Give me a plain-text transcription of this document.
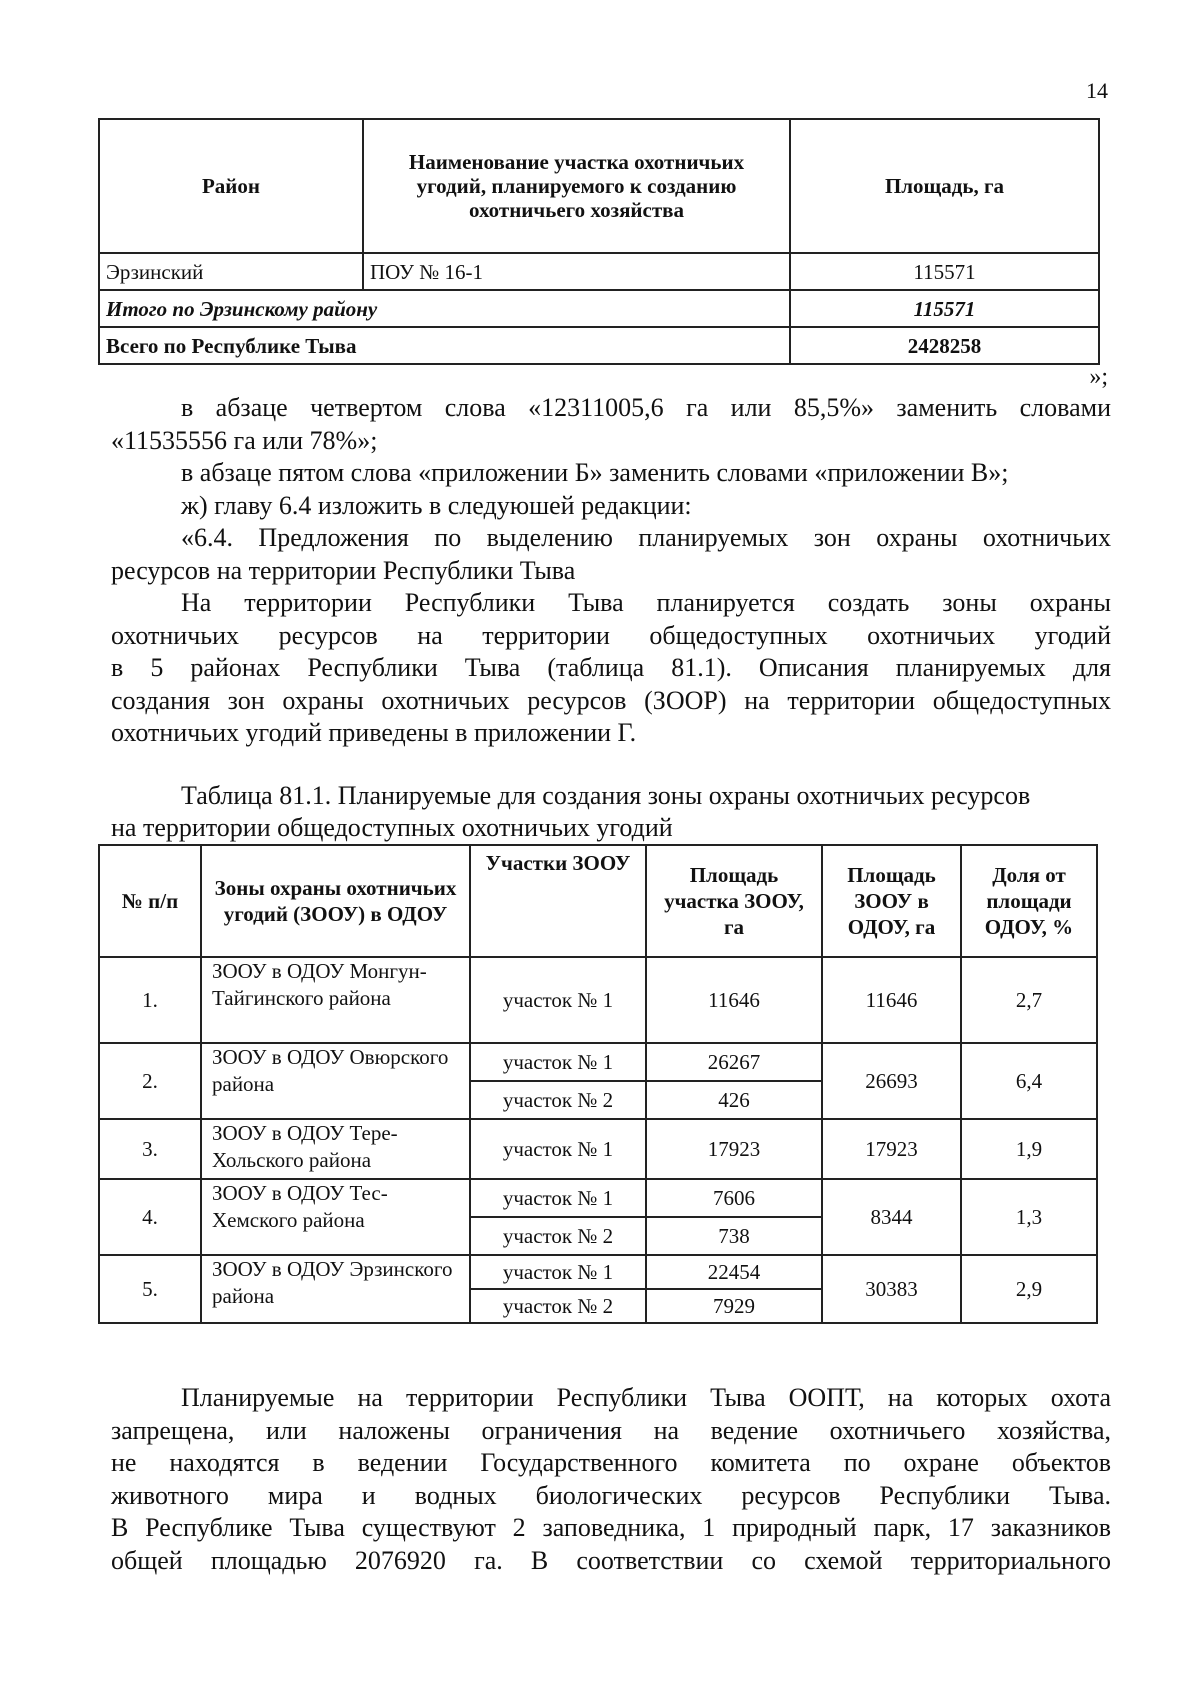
14
Район	Наименование участка охотничьих угодий, планируемого к созданию охотничьего хозяйства	Площадь, га
Эрзинский	ПОУ № 16-1	115571
Итого по Эрзинскому району		115571
Всего по Республике Тыва		2428258
»;

в абзаце четвертом слова «12311005,6 га или 85,5%» заменить словами

«11535556 га или 78%»;

в абзаце пятом слова «приложении Б» заменить словами «приложении В»;

ж) главу 6.4 изложить в следуюшей редакции:

«6.4. Предложения по выделению планируемых зон охраны охотничьих

ресурсов на территории Республики Тыва

На территории Республики Тыва планируется создать зоны охраны

охотничьих ресурсов на территории общедоступных охотничьих угодий

в 5 районах Республики Тыва (таблица 81.1). Описания планируемых для

создания зон охраны охотничьих ресурсов (ЗООР) на территории общедоступных

охотничьих угодий приведены в приложении Г.

Таблица 81.1. Планируемые для создания зоны охраны охотничьих ресурсов
на территории общедоступных охотничьих угодий
№ п/п	Зоны охраны охотничьих угодий (ЗООУ) в ОДОУ	Участки ЗООУ	Площадь участка ЗООУ, га	Площадь ЗООУ в ОДОУ, га	Доля от площади ОДОУ, %
1.	ЗООУ в ОДОУ Монгун-Тайгинского района	участок № 1	11646	11646	2,7
2.	ЗООУ в ОДОУ Овюрского района	участок № 1	26267	26693	6,4
		участок № 2	426		
3.	ЗООУ в ОДОУ Тере-Хольского района	участок № 1	17923	17923	1,9
4.	ЗООУ в ОДОУ Тес-Хемского района	участок № 1	7606	8344	1,3
		участок № 2	738		
5.	ЗООУ в ОДОУ Эрзинского района	участок № 1	22454	30383	2,9
		участок № 2	7929		

Планируемые на территории Республики Тыва ООПТ, на которых охота

запрещена, или наложены ограничения на ведение охотничьего хозяйства,

не находятся в ведении Государственного комитета по охране объектов

животного мира и водных биологических ресурсов Республики Тыва.

В Республике Тыва существуют 2 заповедника, 1 природный парк, 17 заказников

общей площадью 2076920 га. В соответствии со схемой территориального
